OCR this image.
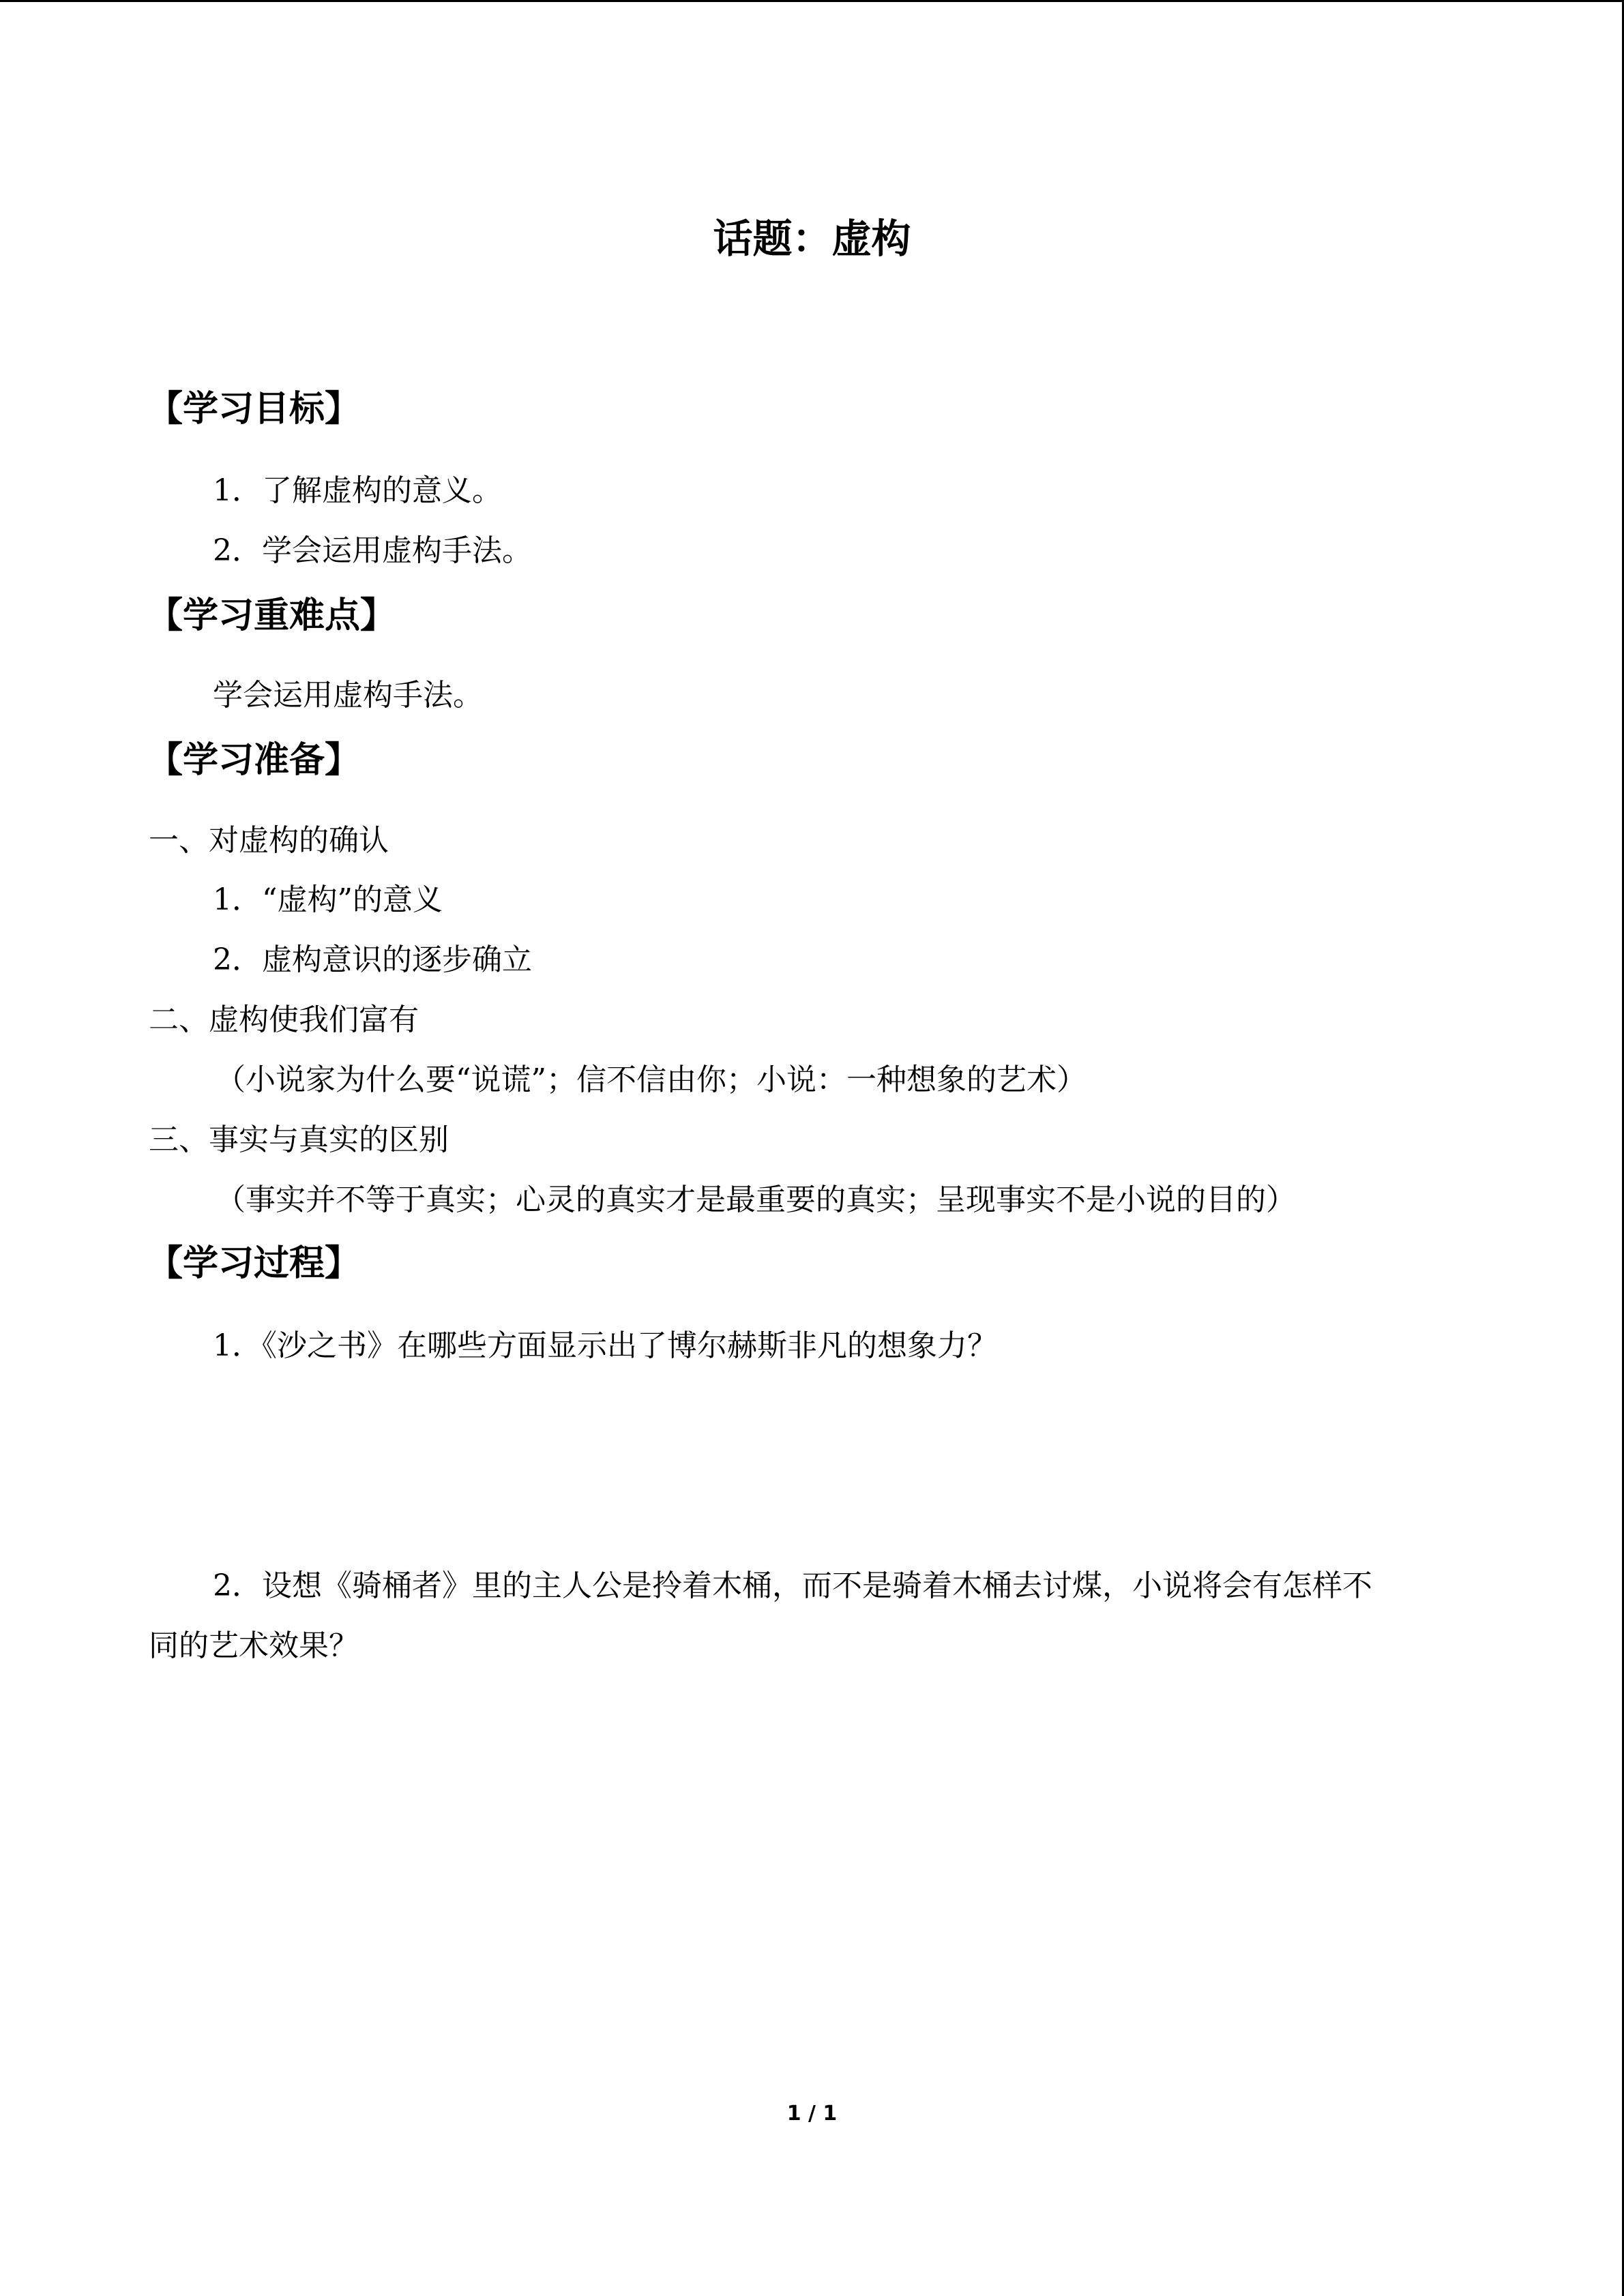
话题：虚构
【学习目标】
1．了解虚构的意义。
2．学会运用虚构手法。
【学习重难点】
学会运用虚构手法。
【学习准备】
一、对虚构的确认
1．“虚构”的意义
2．虚构意识的逐步确立
二、虚构使我们富有
（小说家为什么要“说谎”；信不信由你；小说：一种想象的艺术）
三、事实与真实的区别
（事实并不等于真实；心灵的真实才是最重要的真实；呈现事实不是小说的目的）
【学习过程】
1．《沙之书》在哪些方面显示出了博尔赫斯非凡的想象力？
2．设想《骑桶者》里的主人公是拎着木桶，而不是骑着木桶去讨煤，小说将会有怎样不
同的艺术效果？
1 / 1
